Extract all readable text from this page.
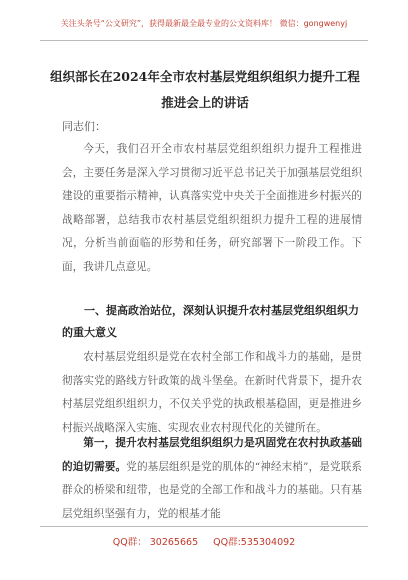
关注头条号“公文研究”，获得最新最全最专业的公文资料库！ 微信：gongwenyj
组织部长在2024年全市农村基层党组织组织力提升工程推进会上的讲话
同志们：
今天，我们召开全市农村基层党组织组织力提升工程推进会，主要任务是深入学习贯彻习近平总书记关于加强基层党组织建设的重要指示精神，认真落实党中央关于全面推进乡村振兴的战略部署，总结我市农村基层党组织组织力提升工程的进展情况，分析当前面临的形势和任务，研究部署下一阶段工作。下面，我讲几点意见。
一、提高政治站位，深刻认识提升农村基层党组织组织力的重大意义
农村基层党组织是党在农村全部工作和战斗力的基础，是贯彻落实党的路线方针政策的战斗堡垒。在新时代背景下，提升农村基层党组织组织力，不仅关乎党的执政根基稳固，更是推进乡村振兴战略深入实施、实现农业农村现代化的关键所在。
第一，提升农村基层党组织组织力是巩固党在农村执政基础的迫切需要。党的基层组织是党的肌体的“神经末梢”，是党联系群众的桥梁和纽带，也是党的全部工作和战斗力的基础。只有基层党组织坚强有力，党的根基才能
QQ群： 30265665 QQ群:535304092
